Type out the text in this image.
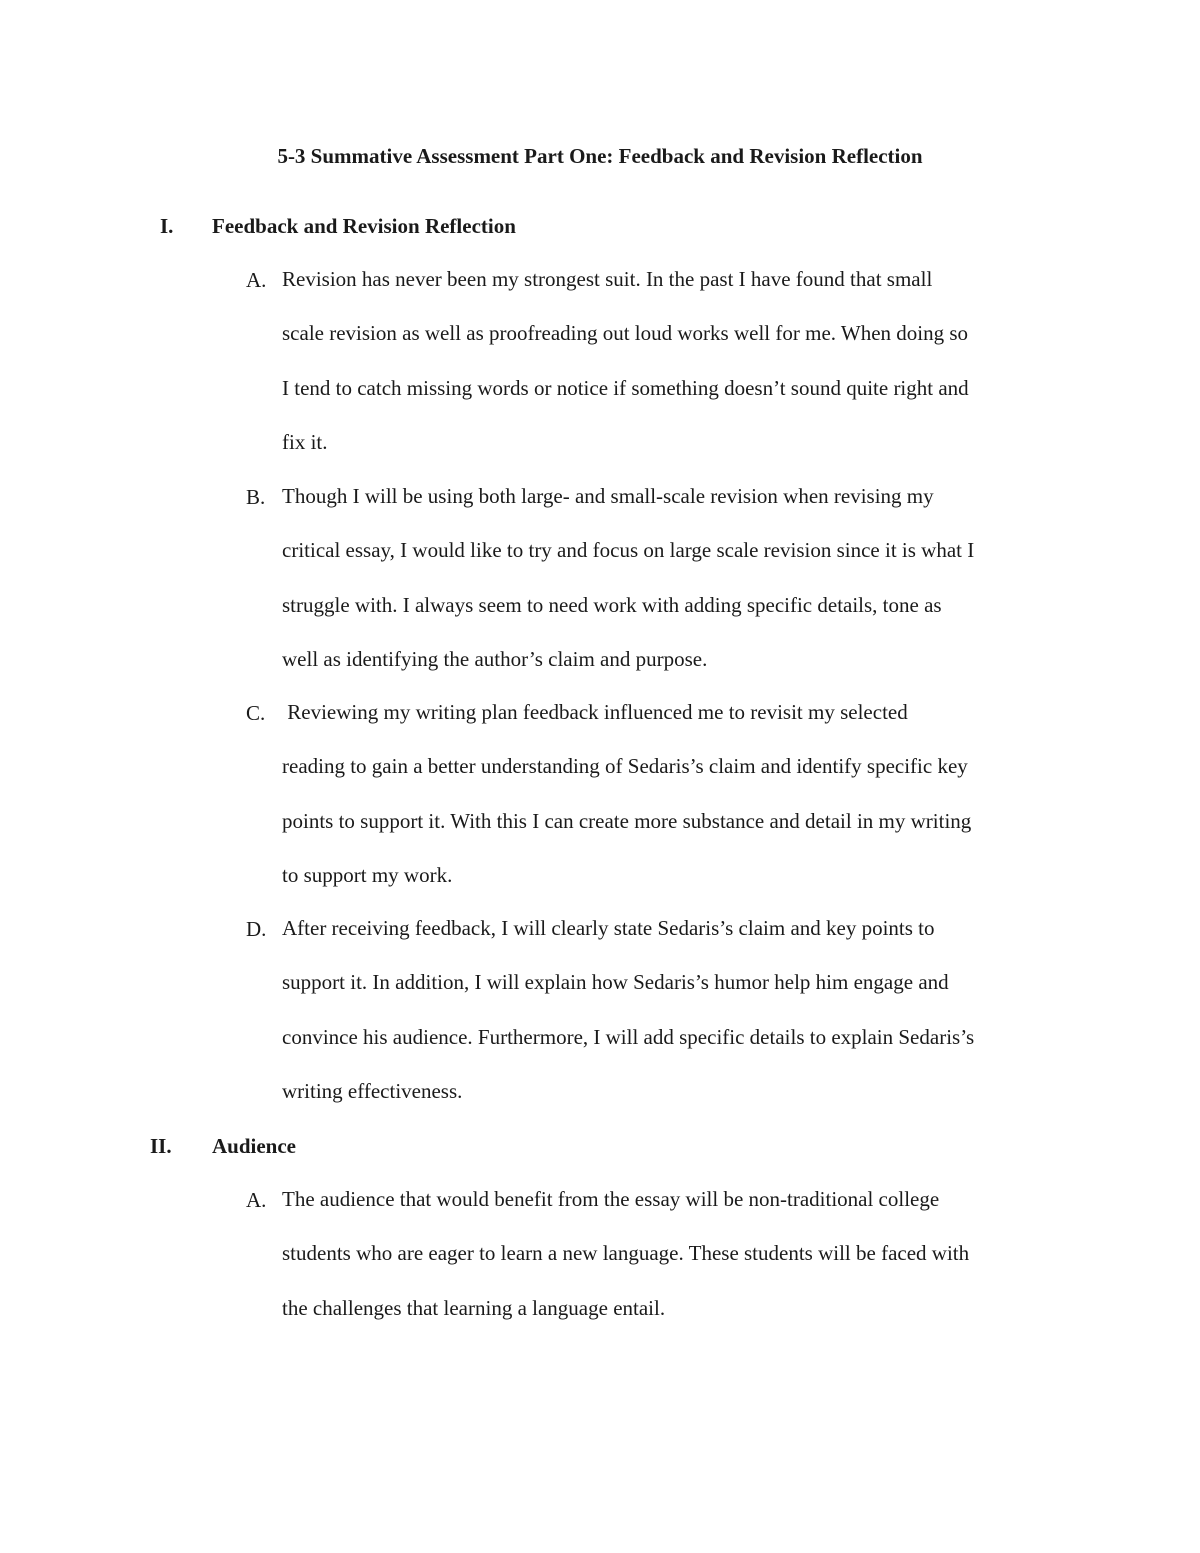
5-3 Summative Assessment Part One: Feedback and Revision Reflection
I. Feedback and Revision Reflection
A. Revision has never been my strongest suit. In the past I have found that small
scale revision as well as proofreading out loud works well for me. When doing so
I tend to catch missing words or notice if something doesn’t sound quite right and
fix it.
B. Though I will be using both large- and small-scale revision when revising my
critical essay, I would like to try and focus on large scale revision since it is what I
struggle with. I always seem to need work with adding specific details, tone as
well as identifying the author’s claim and purpose.
C. Reviewing my writing plan feedback influenced me to revisit my selected
reading to gain a better understanding of Sedaris’s claim and identify specific key
points to support it. With this I can create more substance and detail in my writing
to support my work.
D. After receiving feedback, I will clearly state Sedaris’s claim and key points to
support it. In addition, I will explain how Sedaris’s humor help him engage and
convince his audience. Furthermore, I will add specific details to explain Sedaris’s
writing effectiveness.
II. Audience
A. The audience that would benefit from the essay will be non-traditional college
students who are eager to learn a new language. These students will be faced with
the challenges that learning a language entail.
